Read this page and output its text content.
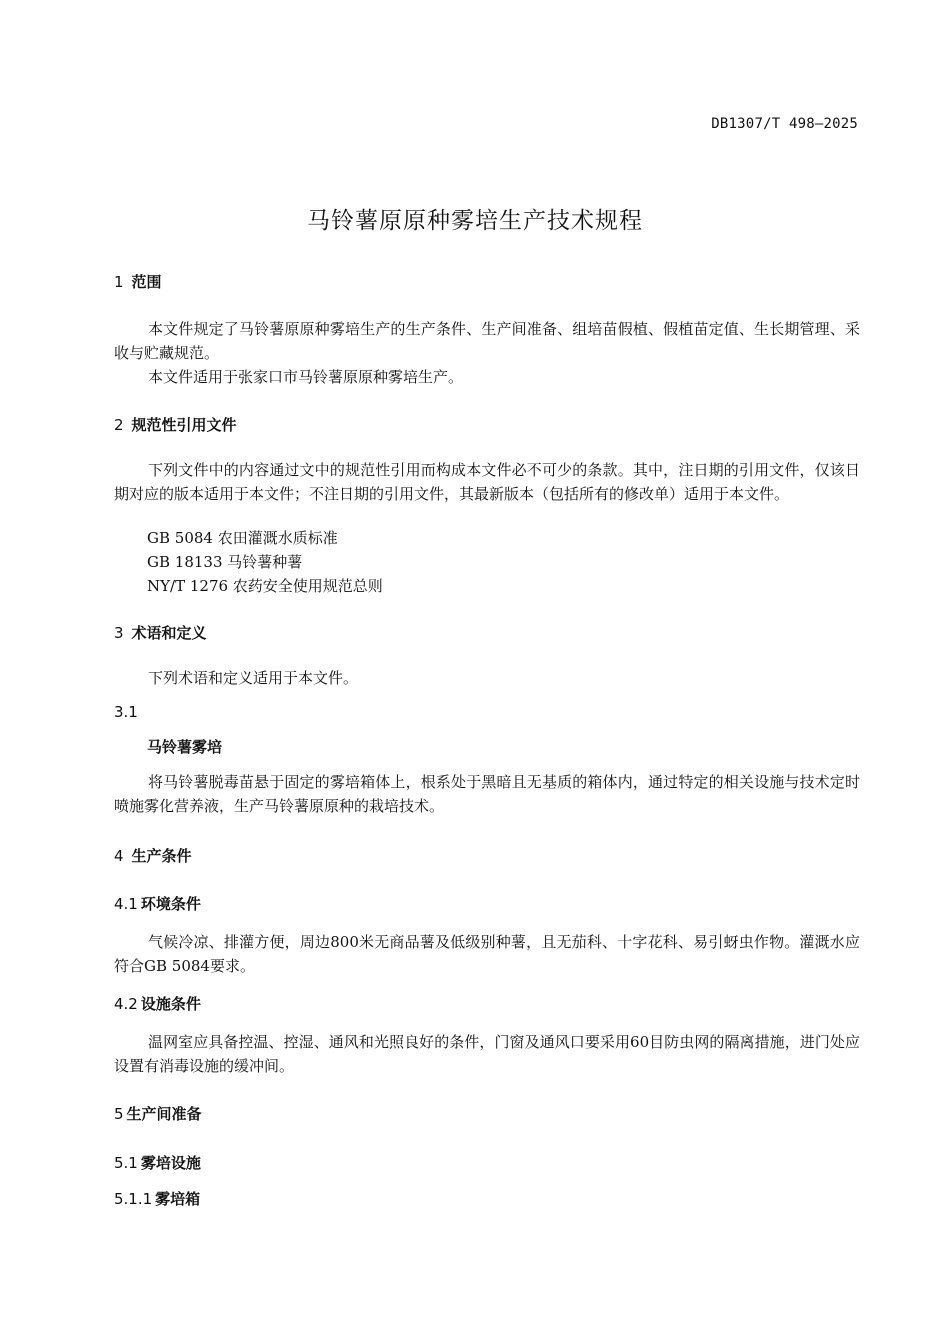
DB1307/T 498—2025
马铃薯原原种雾培生产技术规程
1 范围

本文件规定了马铃薯原原种雾培生产的生产条件、生产间准备、组培苗假植、假植苗定值、生长期管理、采收与贮藏规范。

本文件适用于张家口市马铃薯原原种雾培生产。

2 规范性引用文件

下列文件中的内容通过文中的规范性引用而构成本文件必不可少的条款。其中，注日期的引用文件，仅该日期对应的版本适用于本文件；不注日期的引用文件，其最新版本（包括所有的修改单）适用于本文件。

GB 5084 农田灌溉水质标准
GB 18133 马铃薯种薯
NY/T 1276 农药安全使用规范总则
3 术语和定义

下列术语和定义适用于本文件。

3.1
马铃薯雾培

将马铃薯脱毒苗悬于固定的雾培箱体上，根系处于黑暗且无基质的箱体内，通过特定的相关设施与技术定时喷施雾化营养液，生产马铃薯原原种的栽培技术。

4 生产条件
4.1 环境条件

气候冷凉、排灌方便，周边800米无商品薯及低级别种薯，且无茄科、十字花科、易引蚜虫作物。灌溉水应符合GB 5084要求。

4.2 设施条件

温网室应具备控温、控湿、通风和光照良好的条件，门窗及通风口要采用60目防虫网的隔离措施，进门处应设置有消毒设施的缓冲间。

5 生产间准备
5.1 雾培设施
5.1.1 雾培箱
